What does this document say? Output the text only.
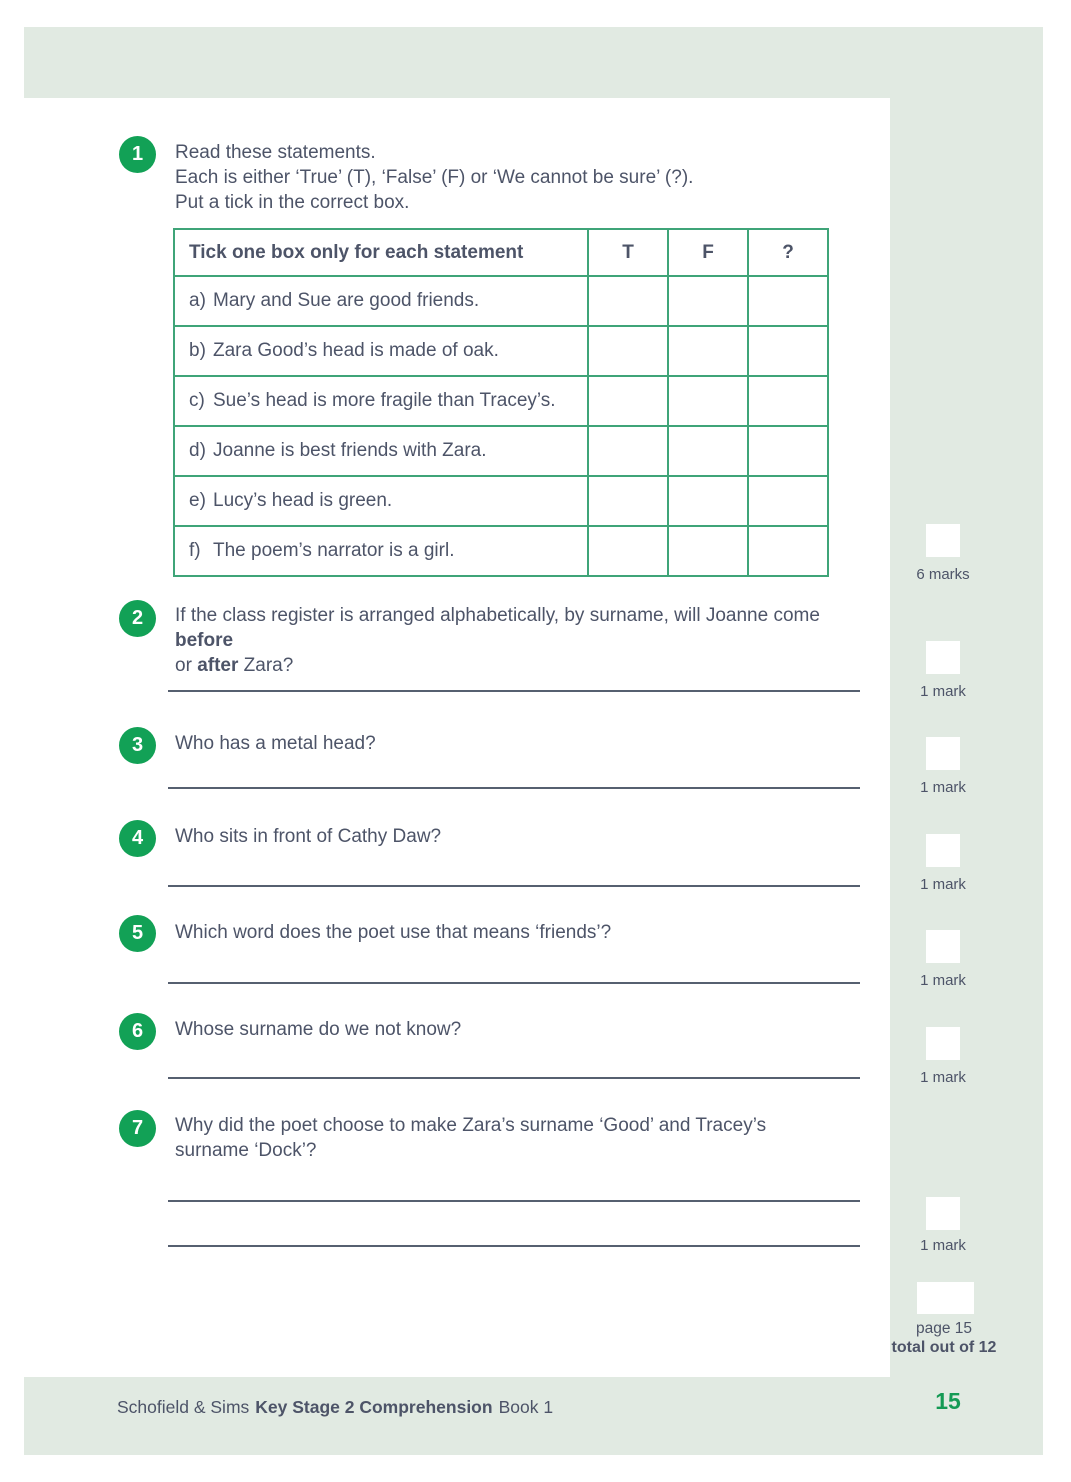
1	Read these statements.
Each is either ‘True’ (T), ‘False’ (F) or ‘We cannot be sure’ (?).
Put a tick in the correct box.
Tick one box only for each statement	T	F	?
a) Mary and Sue are good friends.			
b) Zara Good’s head is made of oak.			
c) Sue’s head is more fragile than Tracey’s.			
d) Joanne is best friends with Zara.			
e) Lucy’s head is green.			
f) The poem’s narrator is a girl.			
2	If the class register is arranged alphabetically, by surname, will Joanne come before
or after Zara?
3	Who has a metal head?
4	Who sits in front of Cathy Daw?
5	Which word does the poet use that means ‘friends’?
6	Whose surname do we not know?
7	Why did the poet choose to make Zara’s surname ‘Good’ and Tracey’s
surname ‘Dock’?
6 marks
1 mark
1 mark
1 mark
1 mark
1 mark
1 mark
page 15
total out of 12
Schofield & Sims Key Stage 2 Comprehension Book 1	15
